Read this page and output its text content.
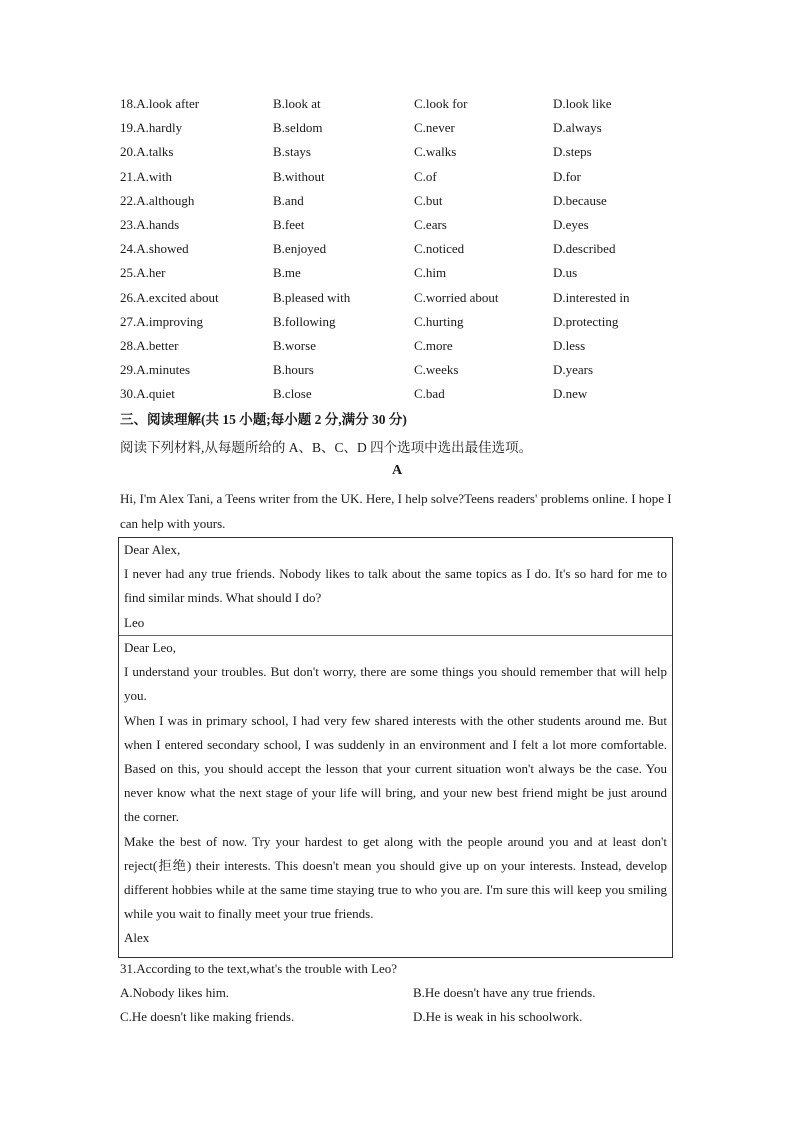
18.A.look after	B.look at	C.look for	D.look like
19.A.hardly	B.seldom	C.never	D.always
20.A.talks	B.stays	C.walks	D.steps
21.A.with	B.without	C.of	D.for
22.A.although	B.and	C.but	D.because
23.A.hands	B.feet	C.ears	D.eyes
24.A.showed	B.enjoyed	C.noticed	D.described
25.A.her	B.me	C.him	D.us
26.A.excited about	B.pleased with	C.worried about	D.interested in
27.A.improving	B.following	C.hurting	D.protecting
28.A.better	B.worse	C.more	D.less
29.A.minutes	B.hours	C.weeks	D.years
30.A.quiet	B.close	C.bad	D.new
三、阅读理解(共 15 小题;每小题 2 分,满分 30 分)
阅读下列材料,从每题所给的 A、B、C、D 四个选项中选出最佳选项。
A
Hi, I'm Alex Tani, a Teens writer from the UK. Here, I help solve?Teens readers' problems online. I hope I can help with yours.

Dear Alex,

I never had any true friends. Nobody likes to talk about the same topics as I do. It's so hard for me to find similar minds. What should I do?

Leo

Dear Leo,

I understand your troubles. But don't worry, there are some things you should remember that will help you.

When I was in primary school, I had very few shared interests with the other students around me. But when I entered secondary school, I was suddenly in an environment and I felt a lot more comfortable. Based on this, you should accept the lesson that your current situation won't always be the case. You never know what the next stage of your life will bring, and your new best friend might be just around the corner.

Make the best of now. Try your hardest to get along with the people around you and at least don't reject(拒绝) their interests. This doesn't mean you should give up on your interests. Instead, develop different hobbies while at the same time staying true to who you are. I'm sure this will keep you smiling while you wait to finally meet your true friends.

Alex

31.According to the text,what's the trouble with Leo?
A.Nobody likes him.	B.He doesn't have any true friends.
C.He doesn't like making friends.	D.He is weak in his schoolwork.
